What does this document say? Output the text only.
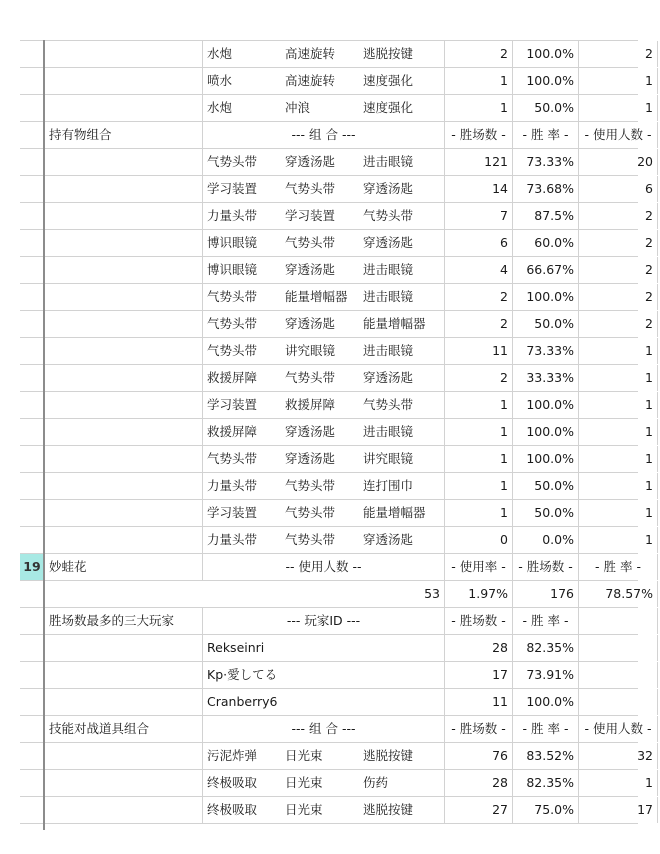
水炮	高速旋转	逃脱按键	2	100.0%	2
喷水	高速旋转	速度强化	1	100.0%	1
水炮	冲浪	速度强化	1	50.0%	1
持有物组合	--- 组 合 ---	- 胜场数 -	- 胜 率 -	- 使用人数 -
气势头带	穿透汤匙	进击眼镜	121	73.33%	20
学习装置	气势头带	穿透汤匙	14	73.68%	6
力量头带	学习装置	气势头带	7	87.5%	2
博识眼镜	气势头带	穿透汤匙	6	60.0%	2
博识眼镜	穿透汤匙	进击眼镜	4	66.67%	2
气势头带	能量增幅器	进击眼镜	2	100.0%	2
气势头带	穿透汤匙	能量增幅器	2	50.0%	2
气势头带	讲究眼镜	进击眼镜	11	73.33%	1
救援屏障	气势头带	穿透汤匙	2	33.33%	1
学习装置	救援屏障	气势头带	1	100.0%	1
救援屏障	穿透汤匙	进击眼镜	1	100.0%	1
气势头带	穿透汤匙	讲究眼镜	1	100.0%	1
力量头带	气势头带	连打围巾	1	50.0%	1
学习装置	气势头带	能量增幅器	1	50.0%	1
力量头带	气势头带	穿透汤匙	0	0.0%	1
19 妙蛙花	-- 使用人数 --	- 使用率 -	- 胜场数 -	- 胜 率 -
53	1.97%	176	78.57%
胜场数最多的三大玩家	--- 玩家ID ---	- 胜场数 -	- 胜 率 -
Rekseinri	28	82.35%
Kp·愛してる	17	73.91%
Cranberry6	11	100.0%
技能对战道具组合	--- 组 合 ---	- 胜场数 -	- 胜 率 -	- 使用人数 -
污泥炸弹	日光束	逃脱按键	76	83.52%	32
终极吸取	日光束	伤药	28	82.35%	1
终极吸取	日光束	逃脱按键	27	75.0%	17
